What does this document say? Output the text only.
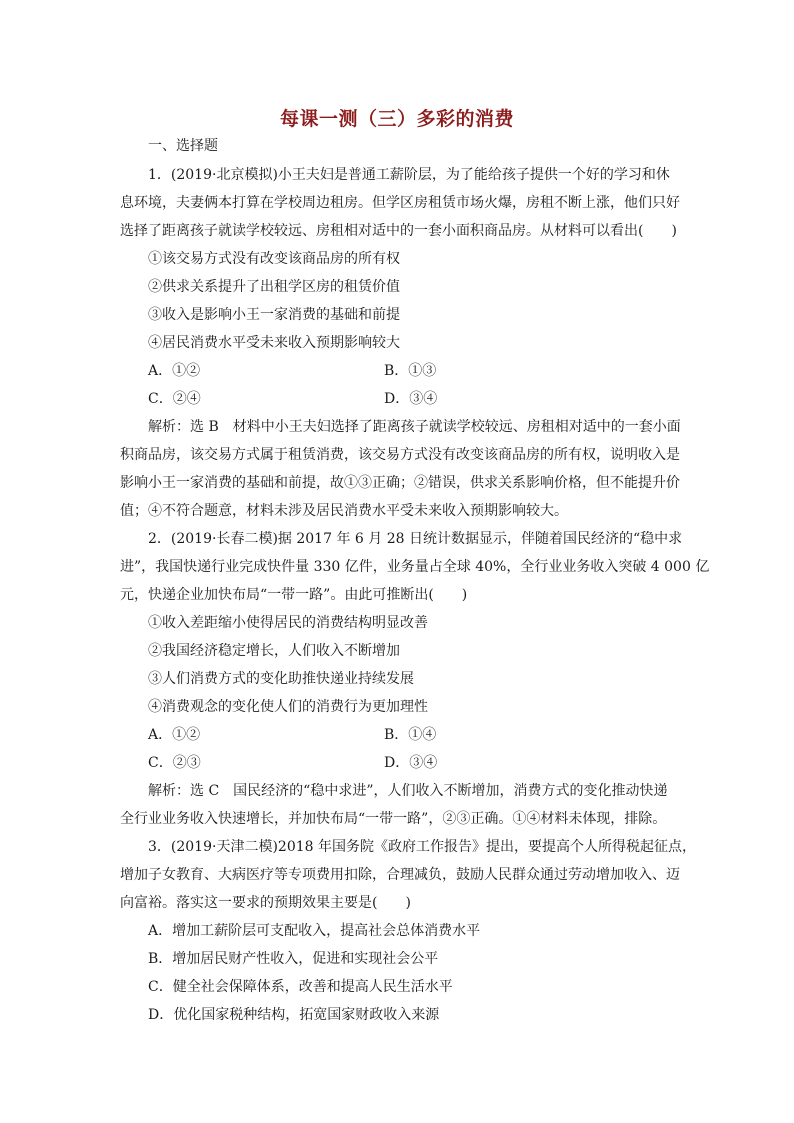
每课一测（三）多彩的消费
一、选择题
1．(2019·北京模拟)小王夫妇是普通工薪阶层，为了能给孩子提供一个好的学习和休
息环境，夫妻俩本打算在学校周边租房。但学区房租赁市场火爆，房租不断上涨，他们只好
选择了距离孩子就读学校较远、房租相对适中的一套小面积商品房。从材料可以看出(　　)
①该交易方式没有改变该商品房的所有权
②供求关系提升了出租学区房的租赁价值
③收入是影响小王一家消费的基础和前提
④居民消费水平受未来收入预期影响较大
A．①②	B．①③
C．②④	D．③④
解析：选 B　材料中小王夫妇选择了距离孩子就读学校较远、房租相对适中的一套小面
积商品房，该交易方式属于租赁消费，该交易方式没有改变该商品房的所有权，说明收入是
影响小王一家消费的基础和前提，故①③正确；②错误，供求关系影响价格，但不能提升价
值；④不符合题意，材料未涉及居民消费水平受未来收入预期影响较大。
2．(2019·长春二模)据 2017 年 6 月 28 日统计数据显示，伴随着国民经济的“稳中求
进”，我国快递行业完成快件量 330 亿件，业务量占全球 40%，全行业业务收入突破 4 000 亿
元，快递企业加快布局“一带一路”。由此可推断出(　　)
①收入差距缩小使得居民的消费结构明显改善
②我国经济稳定增长，人们收入不断增加
③人们消费方式的变化助推快递业持续发展
④消费观念的变化使人们的消费行为更加理性
A．①②	B．①④
C．②③	D．③④
解析：选 C　国民经济的“稳中求进”，人们收入不断增加，消费方式的变化推动快递
全行业业务收入快速增长，并加快布局“一带一路”，②③正确。①④材料未体现，排除。
3．(2019·天津二模)2018 年国务院《政府工作报告》提出，要提高个人所得税起征点，
增加子女教育、大病医疗等专项费用扣除，合理减负，鼓励人民群众通过劳动增加收入、迈
向富裕。落实这一要求的预期效果主要是(　　)
A．增加工薪阶层可支配收入，提高社会总体消费水平
B．增加居民财产性收入，促进和实现社会公平
C．健全社会保障体系，改善和提高人民生活水平
D．优化国家税种结构，拓宽国家财政收入来源
